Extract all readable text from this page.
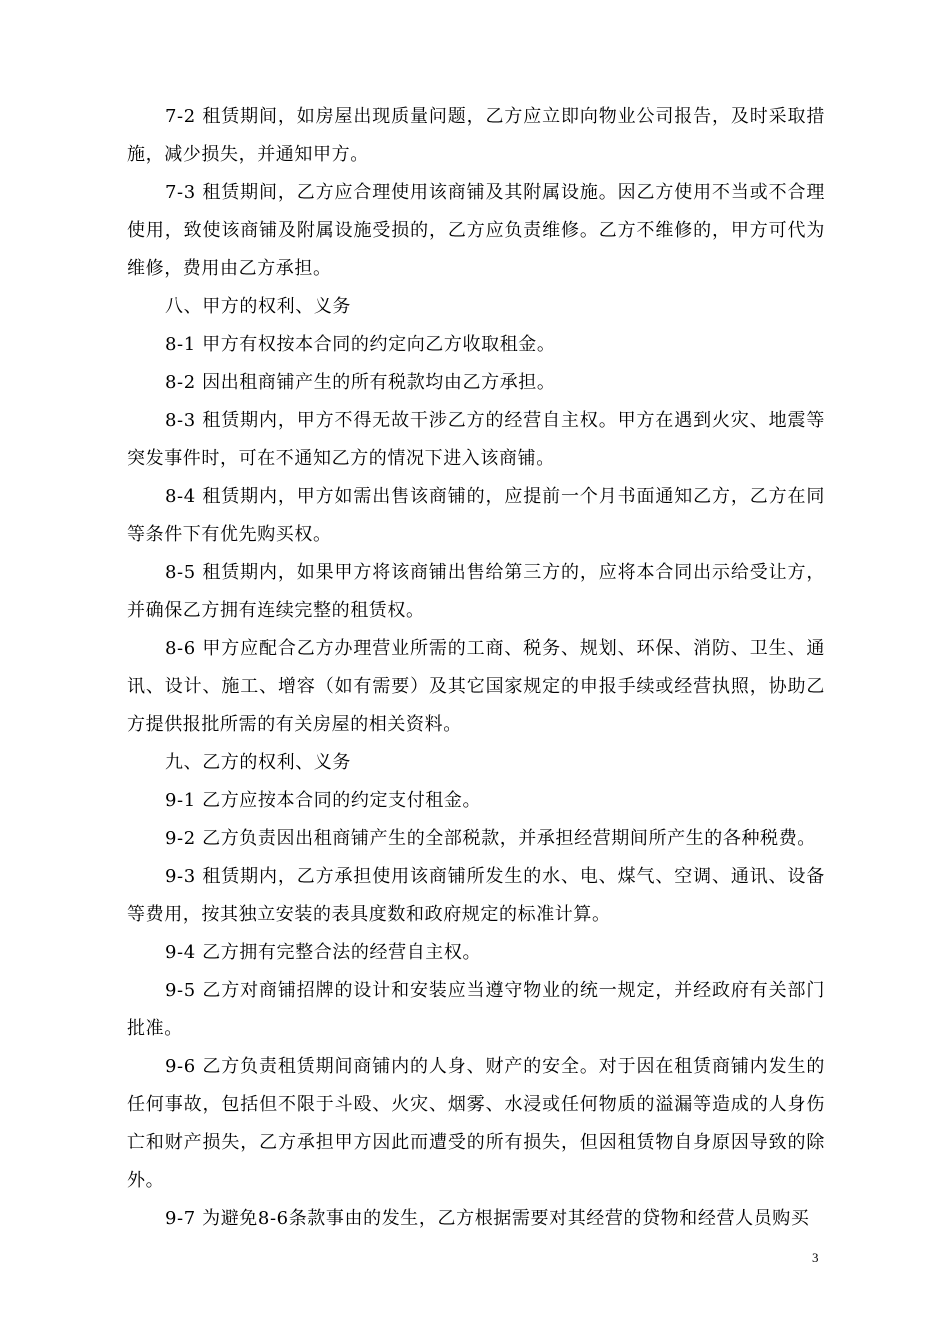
7-2 租赁期间，如房屋出现质量问题，乙方应立即向物业公司报告，及时采取措施，减少损失，并通知甲方。

7-3 租赁期间，乙方应合理使用该商铺及其附属设施。因乙方使用不当或不合理使用，致使该商铺及附属设施受损的，乙方应负责维修。乙方不维修的，甲方可代为维修，费用由乙方承担。

八、甲方的权利、义务

8-1 甲方有权按本合同的约定向乙方收取租金。

8-2 因出租商铺产生的所有税款均由乙方承担。

8-3 租赁期内，甲方不得无故干涉乙方的经营自主权。甲方在遇到火灾、地震等突发事件时，可在不通知乙方的情况下进入该商铺。

8-4 租赁期内，甲方如需出售该商铺的，应提前一个月书面通知乙方，乙方在同等条件下有优先购买权。

8-5 租赁期内，如果甲方将该商铺出售给第三方的，应将本合同出示给受让方，并确保乙方拥有连续完整的租赁权。

8-6 甲方应配合乙方办理营业所需的工商、税务、规划、环保、消防、卫生、通讯、设计、施工、增容（如有需要）及其它国家规定的申报手续或经营执照，协助乙方提供报批所需的有关房屋的相关资料。

九、乙方的权利、义务

9-1 乙方应按本合同的约定支付租金。

9-2 乙方负责因出租商铺产生的全部税款，并承担经营期间所产生的各种税费。

9-3 租赁期内，乙方承担使用该商铺所发生的水、电、煤气、空调、通讯、设备等费用，按其独立安装的表具度数和政府规定的标准计算。

9-4 乙方拥有完整合法的经营自主权。

9-5 乙方对商铺招牌的设计和安装应当遵守物业的统一规定，并经政府有关部门批准。

9-6 乙方负责租赁期间商铺内的人身、财产的安全。对于因在租赁商铺内发生的任何事故，包括但不限于斗殴、火灾、烟雾、水浸或任何物质的溢漏等造成的人身伤亡和财产损失，乙方承担甲方因此而遭受的所有损失，但因租赁物自身原因导致的除外。

9-7 为避免8-6条款事由的发生，乙方根据需要对其经营的贷物和经营人员购买

3
